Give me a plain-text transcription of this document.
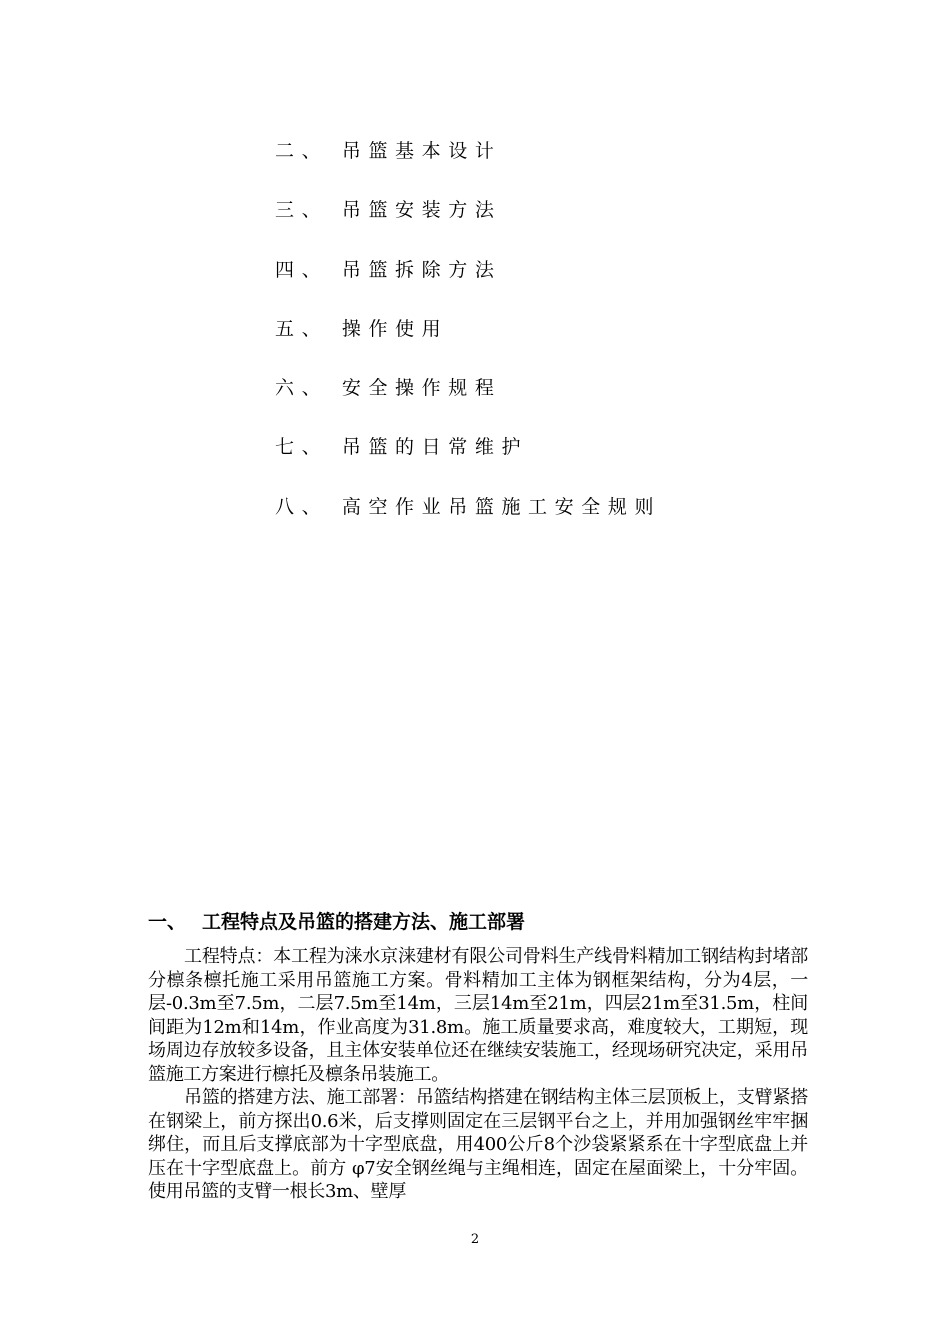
二、 吊篮基本设计
三、 吊篮安装方法
四、 吊篮拆除方法
五、 操作使用
六、 安全操作规程
七、 吊篮的日常维护
八、 高空作业吊篮施工安全规则
一、 工程特点及吊篮的搭建方法、施工部署

工程特点：本工程为涞水京涞建材有限公司骨料生产线骨料精加工钢结构封堵部分檩条檩托施工采用吊篮施工方案。骨料精加工主体为钢框架结构，分为4层，一层-0.3m至7.5m，二层7.5m至14m，三层14m至21m，四层21m至31.5m，柱间间距为12m和14m，作业高度为31.8m。施工质量要求高，难度较大，工期短，现场周边存放较多设备，且主体安装单位还在继续安装施工，经现场研究决定，采用吊篮施工方案进行檩托及檩条吊装施工。

吊篮的搭建方法、施工部署：吊篮结构搭建在钢结构主体三层顶板上，支臂紧搭在钢梁上，前方探出0.6米，后支撑则固定在三层钢平台之上，并用加强钢丝牢牢捆绑住，而且后支撑底部为十字型底盘，用400公斤8个沙袋紧紧系在十字型底盘上并压在十字型底盘上。前方 φ7安全钢丝绳与主绳相连，固定在屋面梁上，十分牢固。使用吊篮的支臂一根长3m、壁厚

2
